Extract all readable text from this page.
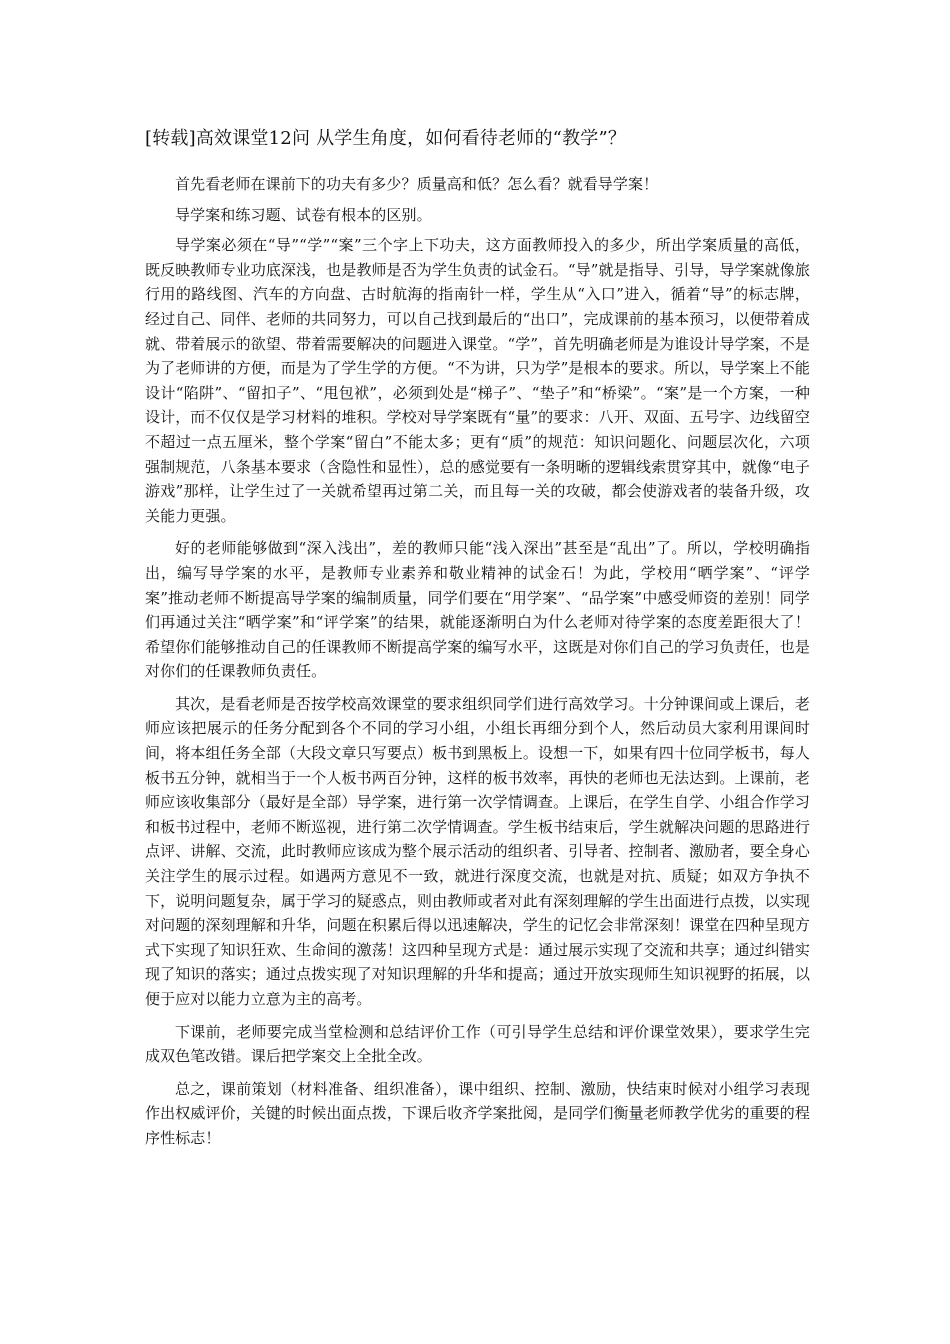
[转载]高效课堂12问 从学生角度，如何看待老师的“教学”？

首先看老师在课前下的功夫有多少？质量高和低？怎么看？就看导学案！

导学案和练习题、试卷有根本的区别。

导学案必须在“导”“学”“案”三个字上下功夫，这方面教师投入的多少，所出学案质量的高低，既反映教师专业功底深浅，也是教师是否为学生负责的试金石。“导”就是指导、引导，导学案就像旅行用的路线图、汽车的方向盘、古时航海的指南针一样，学生从“入口”进入，循着“导”的标志牌，经过自己、同伴、老师的共同努力，可以自己找到最后的“出口”，完成课前的基本预习，以便带着成就、带着展示的欲望、带着需要解决的问题进入课堂。“学”，首先明确老师是为谁设计导学案，不是为了老师讲的方便，而是为了学生学的方便。“不为讲，只为学”是根本的要求。所以，导学案上不能设计“陷阱”、“留扣子”、“甩包袱”，必须到处是“梯子”、“垫子”和“桥梁”。“案”是一个方案，一种设计，而不仅仅是学习材料的堆积。学校对导学案既有“量”的要求：八开、双面、五号字、边线留空不超过一点五厘米，整个学案“留白”不能太多；更有“质”的规范：知识问题化、问题层次化，六项强制规范，八条基本要求（含隐性和显性），总的感觉要有一条明晰的逻辑线索贯穿其中，就像“电子游戏”那样，让学生过了一关就希望再过第二关，而且每一关的攻破，都会使游戏者的装备升级，攻关能力更强。

好的老师能够做到“深入浅出”，差的教师只能“浅入深出”甚至是“乱出”了。所以，学校明确指出，编写导学案的水平，是教师专业素养和敬业精神的试金石！为此，学校用“晒学案”、“评学案”推动老师不断提高导学案的编制质量，同学们要在“用学案”、“品学案”中感受师资的差别！同学们再通过关注“晒学案”和“评学案”的结果，就能逐渐明白为什么老师对待学案的态度差距很大了！希望你们能够推动自己的任课教师不断提高学案的编写水平，这既是对你们自己的学习负责任，也是对你们的任课教师负责任。

其次，是看老师是否按学校高效课堂的要求组织同学们进行高效学习。十分钟课间或上课后，老师应该把展示的任务分配到各个不同的学习小组，小组长再细分到个人，然后动员大家利用课间时间，将本组任务全部（大段文章只写要点）板书到黑板上。设想一下，如果有四十位同学板书，每人板书五分钟，就相当于一个人板书两百分钟，这样的板书效率，再快的老师也无法达到。上课前，老师应该收集部分（最好是全部）导学案，进行第一次学情调查。上课后，在学生自学、小组合作学习和板书过程中，老师不断巡视，进行第二次学情调查。学生板书结束后，学生就解决问题的思路进行点评、讲解、交流，此时教师应该成为整个展示活动的组织者、引导者、控制者、激励者，要全身心关注学生的展示过程。如遇两方意见不一致，就进行深度交流，也就是对抗、质疑；如双方争执不下，说明问题复杂，属于学习的疑惑点，则由教师或者对此有深刻理解的学生出面进行点拨，以实现对问题的深刻理解和升华，问题在积累后得以迅速解决，学生的记忆会非常深刻！课堂在四种呈现方式下实现了知识狂欢、生命间的激荡！这四种呈现方式是：通过展示实现了交流和共享；通过纠错实现了知识的落实；通过点拨实现了对知识理解的升华和提高；通过开放实现师生知识视野的拓展，以便于应对以能力立意为主的高考。

下课前，老师要完成当堂检测和总结评价工作（可引导学生总结和评价课堂效果），要求学生完成双色笔改错。课后把学案交上全批全改。

总之，课前策划（材料准备、组织准备），课中组织、控制、激励，快结束时候对小组学习表现作出权威评价，关键的时候出面点拨，下课后收齐学案批阅，是同学们衡量老师教学优劣的重要的程序性标志！
